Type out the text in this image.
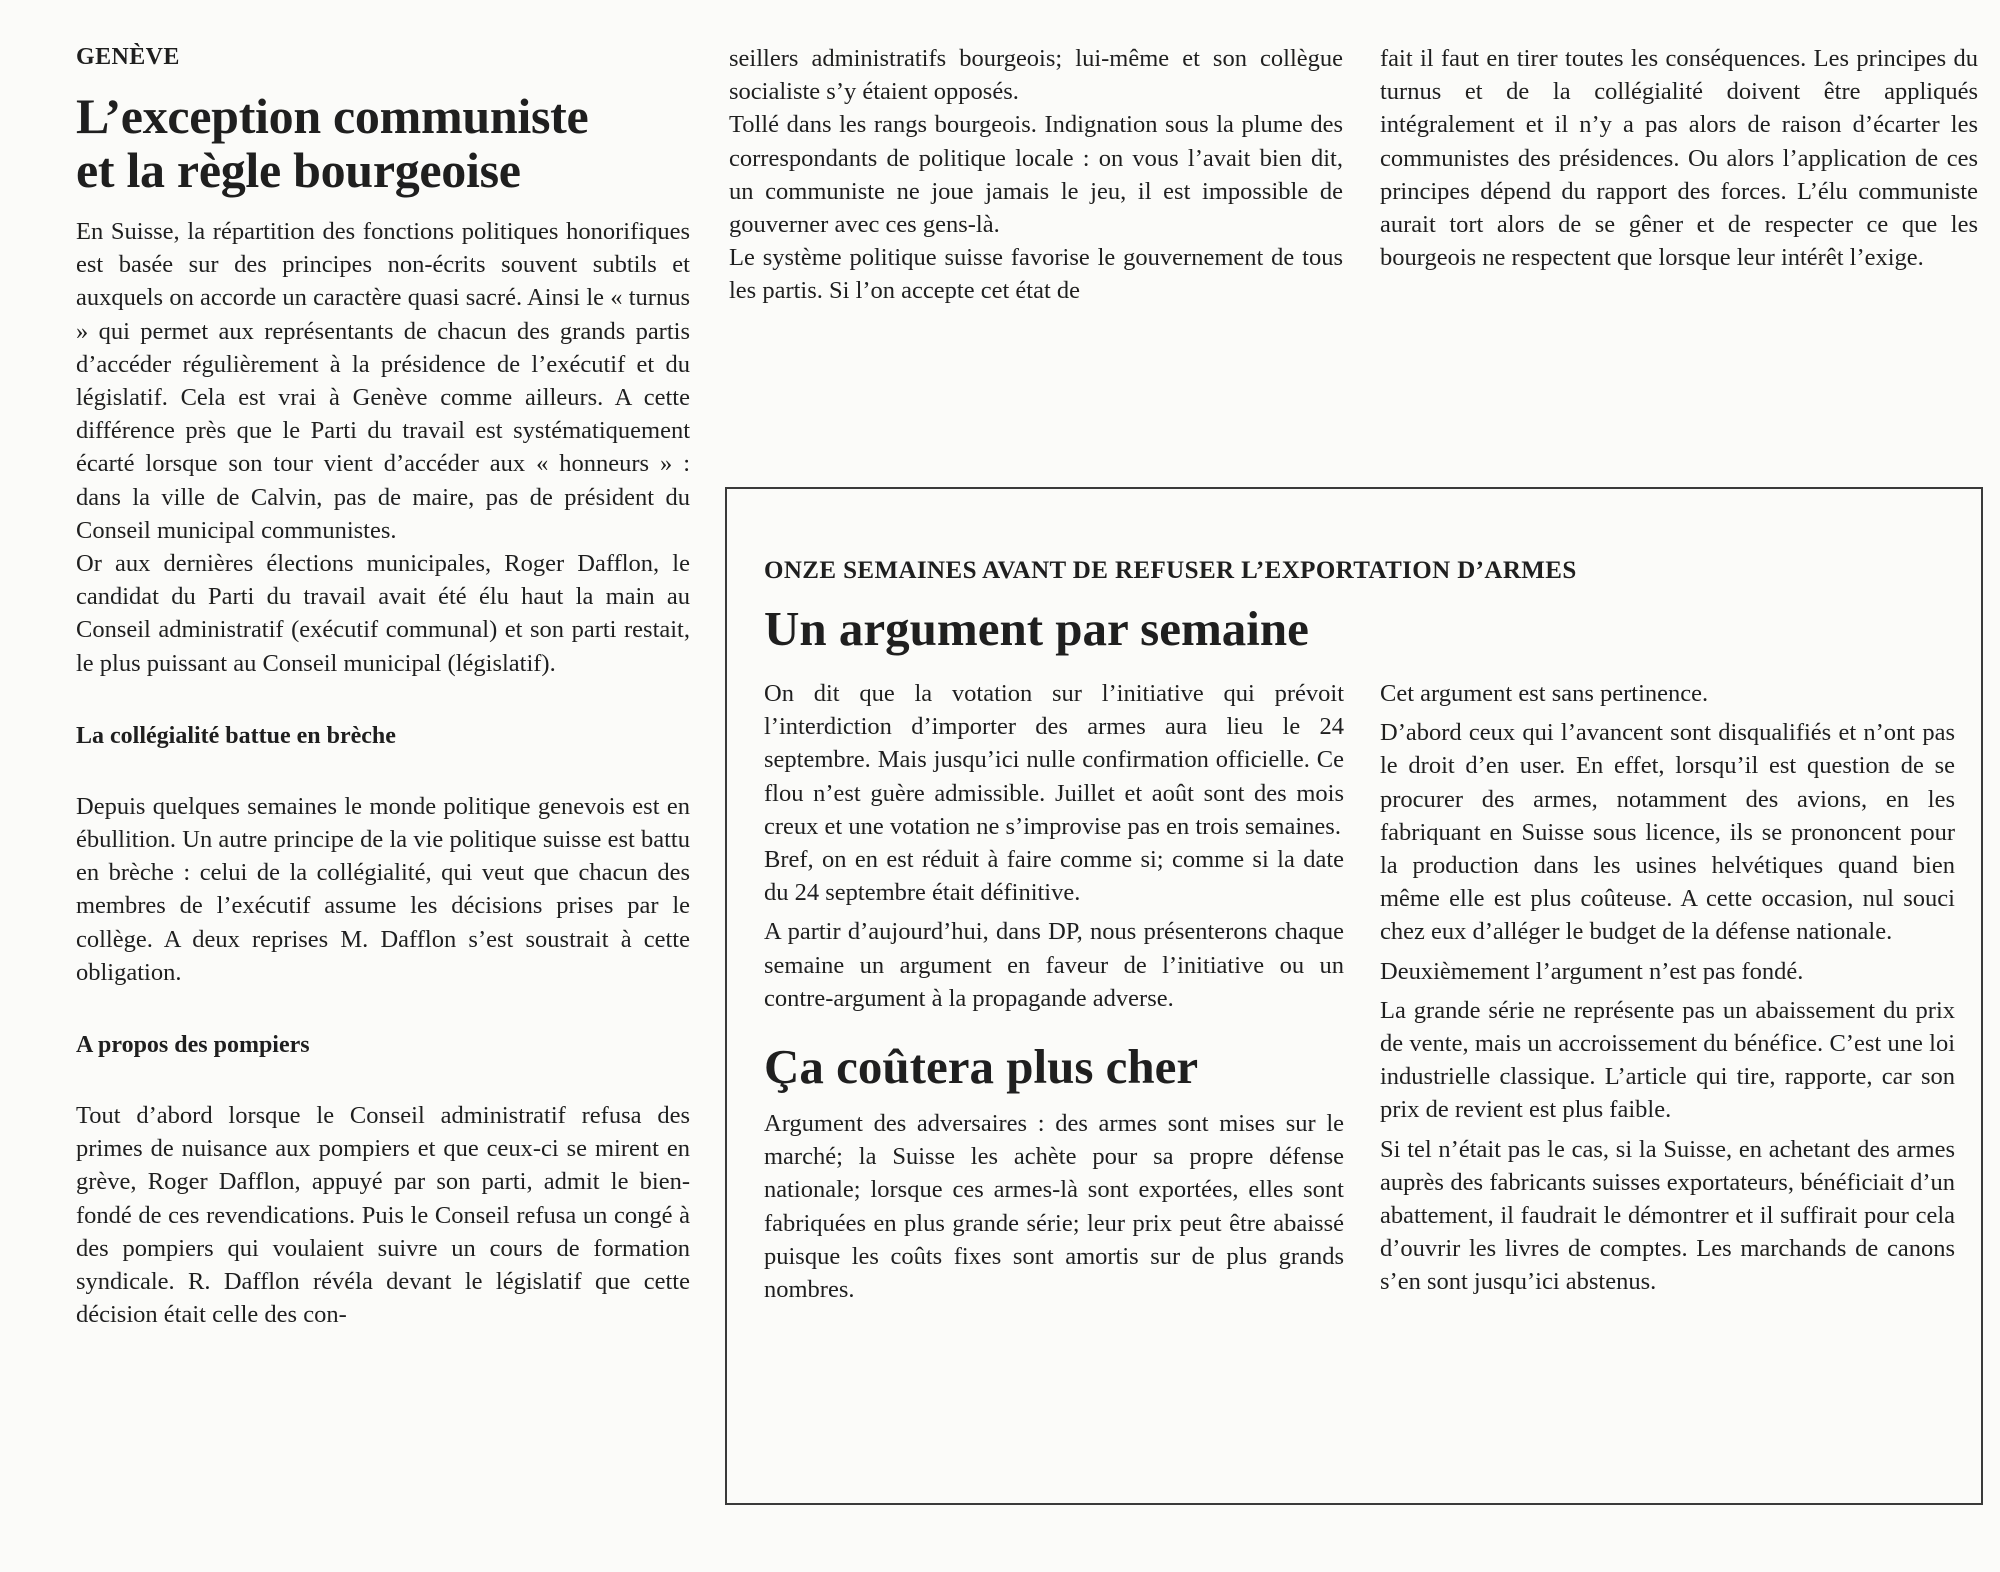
GENÈVE
L’exception communiste
et la règle bourgeoise

En Suisse, la répartition des fonctions politiques honorifiques est basée sur des principes non-écrits souvent subtils et auxquels on accorde un caractère quasi sacré. Ainsi le « turnus » qui permet aux représentants de chacun des grands partis d’accéder régulièrement à la présidence de l’exécutif et du législatif. Cela est vrai à Genève comme ailleurs. A cette différence près que le Parti du travail est systématiquement écarté lorsque son tour vient d’accéder aux « honneurs » : dans la ville de Calvin, pas de maire, pas de président du Conseil municipal communistes.

Or aux dernières élections municipales, Roger Dafflon, le candidat du Parti du travail avait été élu haut la main au Conseil administratif (exécutif communal) et son parti restait, le plus puissant au Conseil municipal (législatif).

La collégialité battue en brèche

Depuis quelques semaines le monde politique genevois est en ébullition. Un autre principe de la vie politique suisse est battu en brèche : celui de la collégialité, qui veut que chacun des membres de l’exécutif assume les décisions prises par le collège. A deux reprises M. Dafflon s’est soustrait à cette obligation.

A propos des pompiers

Tout d’abord lorsque le Conseil administratif refusa des primes de nuisance aux pompiers et que ceux-ci se mirent en grève, Roger Dafflon, appuyé par son parti, admit le bien-fondé de ces revendications. Puis le Conseil refusa un congé à des pompiers qui voulaient suivre un cours de formation syndicale. R. Dafflon révéla devant le législatif que cette décision était celle des con-

seillers administratifs bourgeois; lui-même et son collègue socialiste s’y étaient opposés.

Tollé dans les rangs bourgeois. Indignation sous la plume des correspondants de politique locale : on vous l’avait bien dit, un communiste ne joue jamais le jeu, il est impossible de gouverner avec ces gens-là.

Le système politique suisse favorise le gouvernement de tous les partis. Si l’on accepte cet état de

fait il faut en tirer toutes les conséquences. Les principes du turnus et de la collégialité doivent être appliqués intégralement et il n’y a pas alors de raison d’écarter les communistes des présidences. Ou alors l’application de ces principes dépend du rapport des forces. L’élu communiste aurait tort alors de se gêner et de respecter ce que les bourgeois ne respectent que lorsque leur intérêt l’exige.

ONZE SEMAINES AVANT DE REFUSER L’EXPORTATION D’ARMES
Un argument par semaine

On dit que la votation sur l’initiative qui prévoit l’interdiction d’importer des armes aura lieu le 24 septembre. Mais jusqu’ici nulle confirmation officielle. Ce flou n’est guère admissible. Juillet et août sont des mois creux et une votation ne s’improvise pas en trois semaines.

Bref, on en est réduit à faire comme si; comme si la date du 24 septembre était définitive.

A partir d’aujourd’hui, dans DP, nous présenterons chaque semaine un argument en faveur de l’initiative ou un contre-argument à la propagande adverse.

Ça coûtera plus cher

Argument des adversaires : des armes sont mises sur le marché; la Suisse les achète pour sa propre défense nationale; lorsque ces armes-là sont exportées, elles sont fabriquées en plus grande série; leur prix peut être abaissé puisque les coûts fixes sont amortis sur de plus grands nombres.

Cet argument est sans pertinence.

D’abord ceux qui l’avancent sont disqualifiés et n’ont pas le droit d’en user. En effet, lorsqu’il est question de se procurer des armes, notamment des avions, en les fabriquant en Suisse sous licence, ils se prononcent pour la production dans les usines helvétiques quand bien même elle est plus coûteuse. A cette occasion, nul souci chez eux d’alléger le budget de la défense nationale.

Deuxièmement l’argument n’est pas fondé.

La grande série ne représente pas un abaissement du prix de vente, mais un accroissement du bénéfice. C’est une loi industrielle classique. L’article qui tire, rapporte, car son prix de revient est plus faible.

Si tel n’était pas le cas, si la Suisse, en achetant des armes auprès des fabricants suisses exportateurs, bénéficiait d’un abattement, il faudrait le démontrer et il suffirait pour cela d’ouvrir les livres de comptes. Les marchands de canons s’en sont jusqu’ici abstenus.
